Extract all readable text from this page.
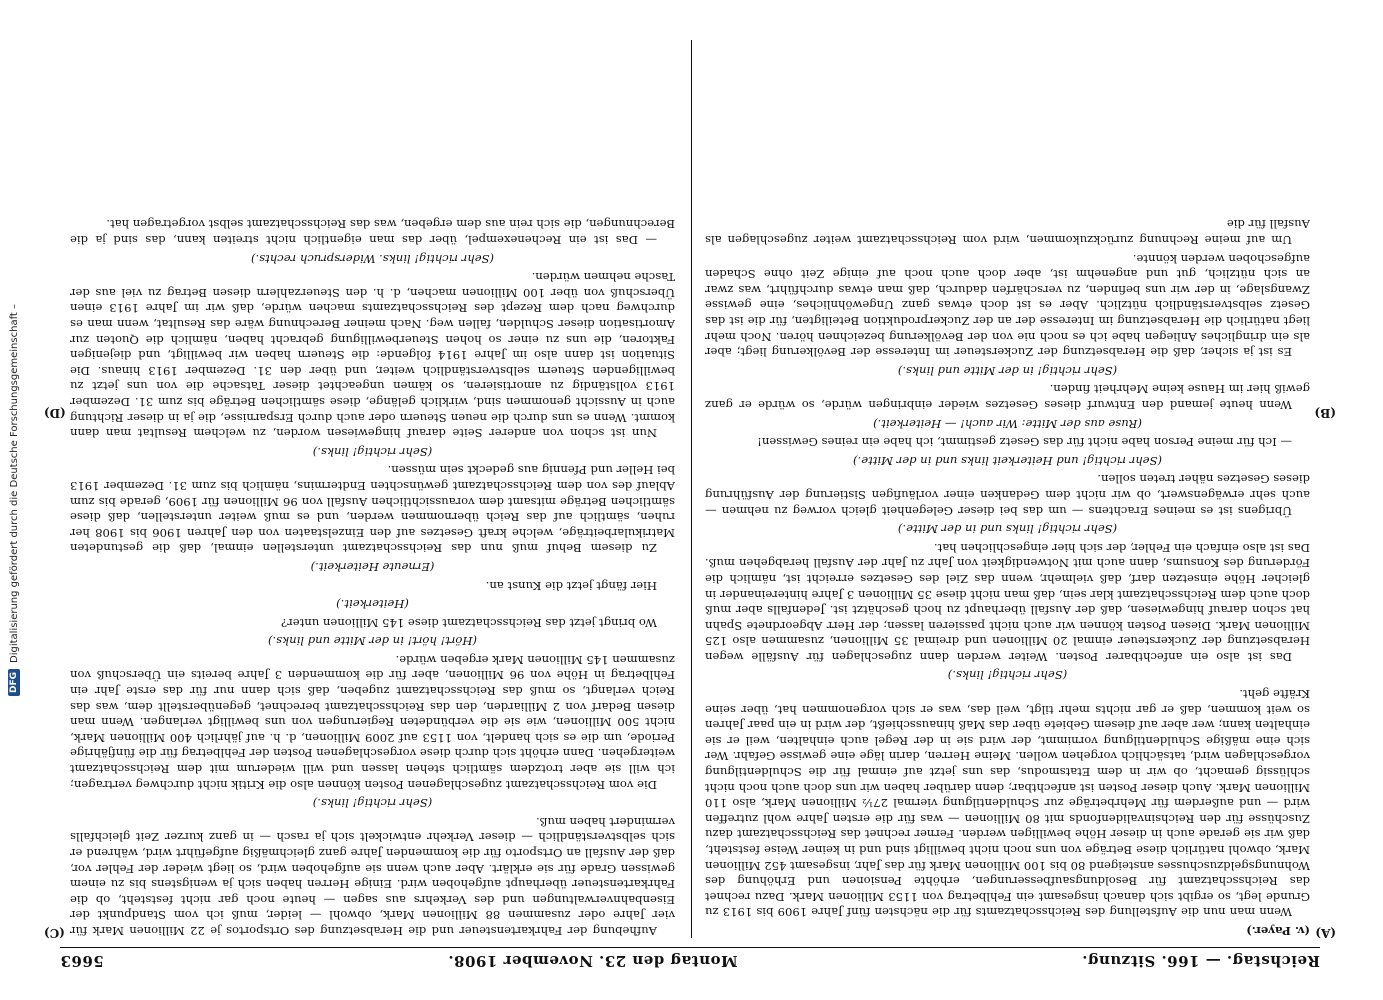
DFG
Digitalisierung gefördert durch die Deutsche Forschungsgemeinschaft –
Reichstag. — 166. Sitzung.
Montag den 23. November 1908.
5663
(A)
(B)
(C)
(D)

(v. Payer.)

Wenn man nun die Aufstellung des Reichsschatzamts für die nächsten fünf Jahre 1909 bis 1913 zu Grunde legt, so ergibt sich danach insgesamt ein Fehlbetrag von 1153 Millionen Mark. Dazu rechnet das Reichsschatzamt für Besoldungsaufbesserungen, erhöhte Pensionen und Erhöhung des Wohnungsgeldzuschusses ansteigend 80 bis 100 Millionen Mark für das Jahr, insgesamt 452 Millionen Mark, obwohl natürlich diese Beträge von uns noch nicht bewilligt sind und in keiner Weise feststeht, daß wir sie gerade auch in dieser Höhe bewilligen werden. Ferner rechnet das Reichsschatzamt dazu Zuschüsse für den Reichsinvalidenfonds mit 80 Millionen — was für die ersten Jahre wohl zutreffen wird — und außerdem für Mehrbeträge zur Schuldentilgung viermal 27½ Millionen Mark, also 110 Millionen Mark. Auch dieser Posten ist anfechtbar; denn darüber haben wir uns doch auch noch nicht schlüssig gemacht, ob wir in dem Etatsmodus, das uns jetzt auf einmal für die Schuldentilgung vorgeschlagen wird, tatsächlich vorgehen wollen. Meine Herren, darin läge eine gewisse Gefahr. Wer sich eine mäßige Schuldentilgung vornimmt, der wird sie in der Regel auch einhalten, weil er sie einhalten kann; wer aber auf diesem Gebiete über das Maß hinausschießt, der wird in ein paar Jahren so weit kommen, daß er gar nichts mehr tilgt, weil das, was er sich vorgenommen hat, über seine Kräfte geht.

(Sehr richtig! links.)

Das ist also ein anfechtbarer Posten. Weiter werden dann zugeschlagen für Ausfälle wegen Herabsetzung der Zuckersteuer einmal 20 Millionen und dreimal 35 Millionen, zusammen also 125 Millionen Mark. Diesen Posten können wir auch nicht passieren lassen; der Herr Abgeordnete Spahn hat schon darauf hingewiesen, daß der Ausfall überhaupt zu hoch geschätzt ist. Jedenfalls aber muß doch auch dem Reichsschatzamt klar sein, daß man nicht diese 35 Millionen 3 Jahre hintereinander in gleicher Höhe einsetzen darf, daß vielmehr, wenn das Ziel des Gesetzes erreicht ist, nämlich die Förderung des Konsums, dann auch mit Notwendigkeit von Jahr zu Jahr der Ausfall herabgehen muß. Das ist also einfach ein Fehler, der sich hier eingeschlichen hat.

(Sehr richtig! links und in der Mitte.)

Übrigens ist es meines Erachtens — um das bei dieser Gelegenheit gleich vorweg zu nehmen — auch sehr erwägenswert, ob wir nicht dem Gedanken einer vorläufigen Sistierung der Ausführung dieses Gesetzes näher treten sollen.

(Sehr richtig! und Heiterkeit links und in der Mitte.)

— Ich für meine Person habe nicht für das Gesetz gestimmt, ich habe ein reines Gewissen!

(Ruse aus der Mitte: Wir auch! — Heiterkeit.)

Wenn heute jemand den Entwurf dieses Gesetzes wieder einbringen würde, so würde er ganz gewiß hier im Hause keine Mehrheit finden.

(Sehr richtig! in der Mitte und links.)

Es ist ja sicher, daß die Herabsetzung der Zuckersteuer im Interesse der Bevölkerung liegt; aber als ein dringliches Anliegen habe ich es noch nie von der Bevölkerung bezeichnen hören. Noch mehr liegt natürlich die Herabsetzung im Interesse der an der Zuckerproduktion Beteiligten, für die ist das Gesetz selbstverständlich nützlich. Aber es ist doch etwas ganz Ungewöhnliches, eine gewisse Zwangslage, in der wir uns befinden, zu verschärfen dadurch, daß man etwas durchführt, was zwar an sich nützlich, gut und angenehm ist, aber doch auch noch auf einige Zeit ohne Schaden aufgeschoben werden könnte.

Um auf meine Rechnung zurückzukommen, wird vom Reichsschatzamt weiter zugeschlagen als Ausfall für die

Aufhebung der Fahrkartensteuer und die Herabsetzung des Ortsportos je 22 Millionen Mark für vier Jahre oder zusammen 88 Millionen Mark, obwohl — leider, muß ich vom Standpunkt der Eisenbahnverwaltungen und des Verkehrs aus sagen — heute noch gar nicht feststeht, ob die Fahrkartensteuer überhaupt aufgehoben wird. Einige Herren haben sich ja wenigstens bis zu einem gewissen Grade für sie erklärt. Aber auch wenn sie aufgehoben wird, so liegt wieder der Fehler vor, daß der Ausfall an Ortsporto für die kommenden Jahre ganz gleichmäßig aufgeführt wird, während er sich selbstverständlich — dieser Verkehr entwickelt sich ja rasch — in ganz kurzer Zeit gleichfalls vermindert haben muß.

(Sehr richtig! links.)

Die vom Reichsschatzamt zugeschlagenen Posten können also die Kritik nicht durchweg vertragen; ich will sie aber trotzdem sämtlich stehen lassen und will wiederum mit dem Reichsschatzamt weitergehen. Dann erhöht sich durch diese vorgeschlagenen Posten der Fehlbetrag für die fünfjährige Periode, um die es sich handelt, von 1153 auf 2009 Millionen, d. h. auf jährlich 400 Millionen Mark, nicht 500 Millionen, wie sie die verbündeten Regierungen von uns bewilligt verlangen. Wenn man diesen Bedarf von 2 Milliarden, den das Reichsschatzamt berechnet, gegenüberstellt dem, was das Reich verlangt, so muß das Reichsschatzamt zugeben, daß sich dann nur für das erste Jahr ein Fehlbetrag in Höhe von 96 Millionen, aber für die kommenden 3 Jahre bereits ein Überschuß von zusammen 145 Millionen Mark ergeben würde.

(Hört! hört! in der Mitte und links.)

Wo bringt jetzt das Reichsschatzamt diese 145 Millionen unter?

(Heiterkeit.)

Hier fängt jetzt die Kunst an.

(Erneute Heiterkeit.)

Zu diesem Behuf muß nun das Reichsschatzamt unterstellen einmal, daß die gestundeten Matrikularbeiträge, welche kraft Gesetzes auf den Einzelstaaten von den Jahren 1906 bis 1908 her ruhen, sämtlich auf das Reich übernommen werden, und es muß weiter unterstellen, daß diese sämtlichen Beträge mitsamt dem voraussichtlichen Ausfall von 96 Millionen für 1909, gerade bis zum Ablauf des von dem Reichsschatzamt gewünschten Endtermins, nämlich bis zum 31. Dezember 1913 bei Heller und Pfennig aus gedeckt sein müssen.

(Sehr richtig! links.)

Nun ist schon von anderer Seite darauf hingewiesen worden, zu welchem Resultat man dann kommt. Wenn es uns durch die neuen Steuern oder auch durch Ersparnisse, die ja in dieser Richtung auch in Aussicht genommen sind, wirklich gelänge, diese sämtlichen Beträge bis zum 31. Dezember 1913 vollständig zu amortisieren, so kämen ungeachtet dieser Tatsache die von uns jetzt zu bewilligenden Steuern selbstverständlich weiter, und über den 31. Dezember 1913 hinaus. Die Situation ist dann also im Jahre 1914 folgende: die Steuern haben wir bewilligt, und diejenigen Faktoren, die uns zu einer so hohen Steuerbewilligung gebracht haben, nämlich die Quoten zur Amortisation dieser Schulden, fallen weg. Nach meiner Berechnung wäre das Resultat, wenn man es durchweg nach dem Rezept des Reichsschatzamts machen würde, daß wir im Jahre 1913 einen Überschuß von über 100 Millionen machen, d. h. den Steuerzahlern diesen Betrag zu viel aus der Tasche nehmen würden.

(Sehr richtig! links. Widerspruch rechts.)

— Das ist ein Rechenexempel, über das man eigentlich nicht streiten kann, das sind ja die Berechnungen, die sich rein aus dem ergeben, was das Reichsschatzamt selbst vorgetragen hat.
